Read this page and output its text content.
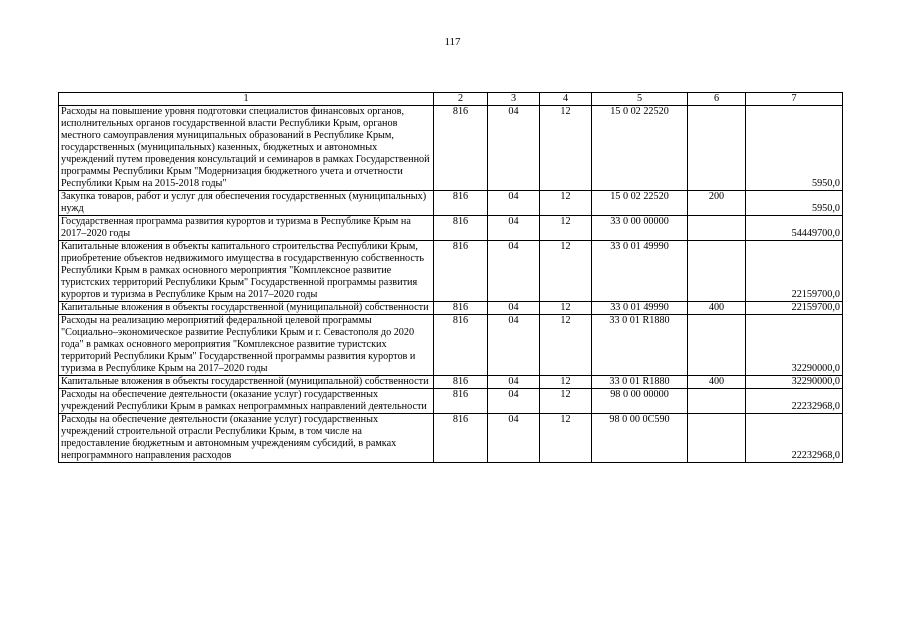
117
1	2	3	4	5	6	7
Расходы на повышение уровня подготовки специалистов финансовых органов, исполнительных органов государственной власти Республики Крым, органов местного самоуправления муниципальных образований в Республике Крым, государственных (муниципальных) казенных, бюджетных и автономных учреждений путем проведения консультаций и семинаров в рамках Государственной программы Республики Крым "Модернизация бюджетного учета и отчетности Республики Крым на 2015-2018 годы"	816	04	12	15 0 02 22520		5950,0
Закупка товаров, работ и услуг для обеспечения государственных (муниципальных) нужд	816	04	12	15 0 02 22520	200	5950,0
Государственная программа развития курортов и туризма в Республике Крым на 2017–2020 годы	816	04	12	33 0 00 00000		54449700,0
Капитальные вложения в объекты капитального строительства Республики Крым, приобретение объектов недвижимого имущества в государственную собственность Республики Крым в рамках основного мероприятия "Комплексное развитие туристских территорий Республики Крым" Государственной программы развития курортов и туризма в Республике Крым на 2017–2020 годы	816	04	12	33 0 01 49990		22159700,0
Капитальные вложения в объекты государственной (муниципальной) собственности	816	04	12	33 0 01 49990	400	22159700,0
Расходы на реализацию мероприятий федеральной целевой программы "Социально–экономическое развитие Республики Крым и г. Севастополя до 2020 года" в рамках основного мероприятия "Комплексное развитие туристских территорий Республики Крым" Государственной программы развития курортов и туризма в Республике Крым на 2017–2020 годы	816	04	12	33 0 01 R1880		32290000,0
Капитальные вложения в объекты государственной (муниципальной) собственности	816	04	12	33 0 01 R1880	400	32290000,0
Расходы на обеспечение деятельности (оказание услуг) государственных учреждений Республики Крым в рамках непрограммных направлений деятельности	816	04	12	98 0 00 00000		22232968,0
Расходы на обеспечение деятельности (оказание услуг) государственных учреждений строительной отрасли Республики Крым, в том числе на предоставление бюджетным и автономным учреждениям субсидий, в рамках непрограммного направления расходов	816	04	12	98 0 00 0С590		22232968,0
